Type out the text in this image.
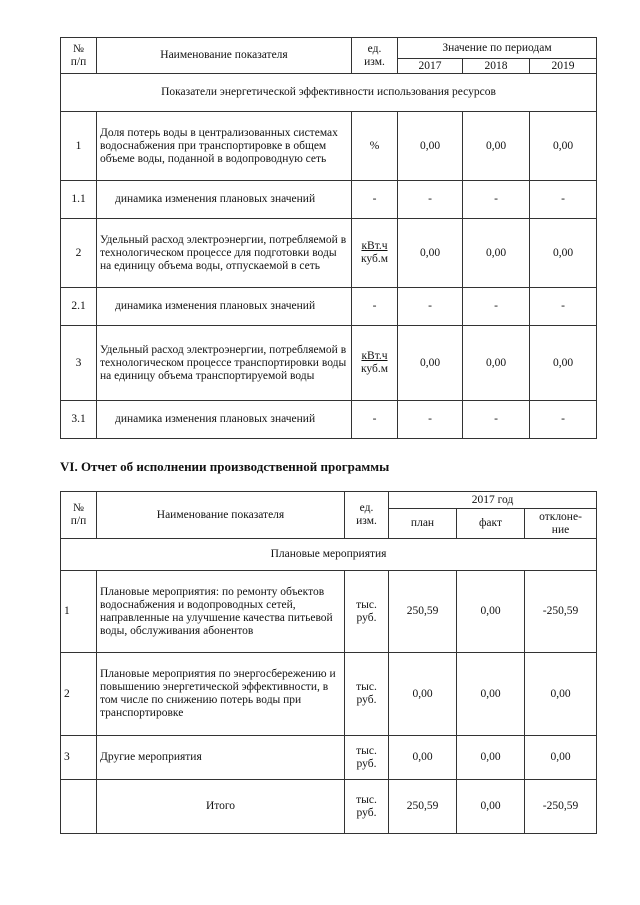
№
п/п	Наименование показателя	ед.
изм.	Значение по периодам		
			2017	2018	2019
Показатели энергетической эффективности использования ресурсов					
1	Доля потерь воды в централизованных системах водоснабжения при транспортировке в общем объеме воды, поданной в водопроводную сеть	%	0,00	0,00	0,00
1.1	динамика изменения плановых значений	-	-	-	-
2	Удельный расход электроэнергии, потребляемой в технологическом процессе для подготовки воды на единицу объема воды, отпускаемой в сеть	кВт.ч
куб.м	0,00	0,00	0,00
2.1	динамика изменения плановых значений	-	-	-	-
3	Удельный расход электроэнергии, потребляемой в технологическом процессе транспортировки воды на единицу объема транспортируемой воды	кВт.ч
куб.м	0,00	0,00	0,00
3.1	динамика изменения плановых значений	-	-	-	-
VI. Отчет об исполнении производственной программы
№
п/п	Наименование показателя	ед.
изм.	2017 год		
			план	факт	отклоне-
ние
Плановые мероприятия					
1	Плановые мероприятия: по ремонту объектов водоснабжения и водопроводных сетей, направленные на улучшение качества питьевой воды, обслуживания абонентов	тыс.
руб.	250,59	0,00	-250,59
2	Плановые мероприятия по энергосбережению и повышению энергетической эффективности, в том числе по снижению потерь воды при транспортировке	тыс.
руб.	0,00	0,00	0,00
3	Другие мероприятия	тыс.
руб.	0,00	0,00	0,00
	Итого	тыс.
руб.	250,59	0,00	-250,59
